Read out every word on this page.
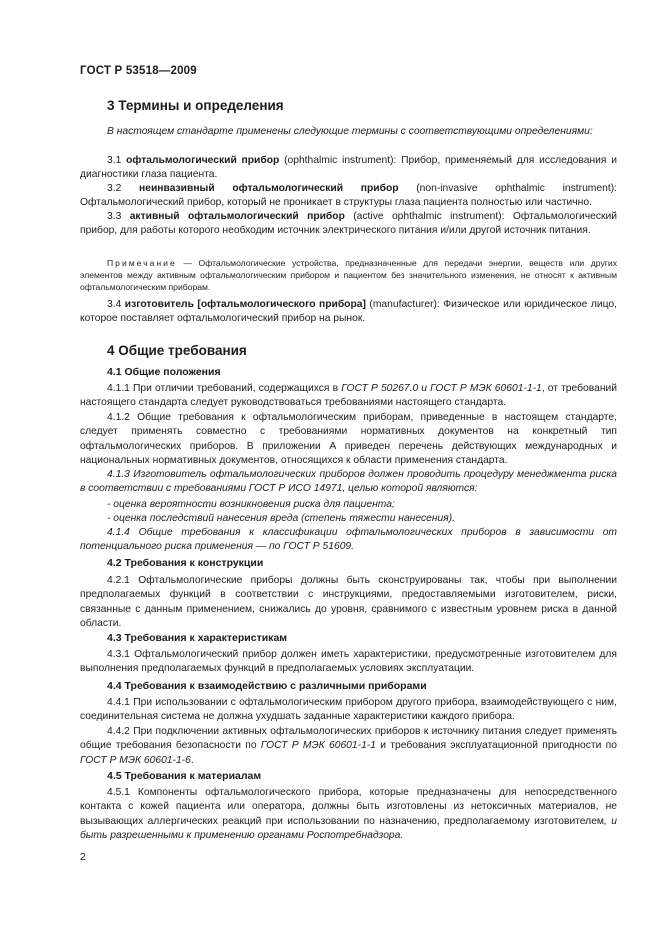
ГОСТ Р 53518—2009
3 Термины и определения
В настоящем стандарте применены следующие термины с соответствующими определениями:
3.1 офтальмологический прибор (ophthalmic instrument): Прибор, применяемый для исследования и диагностики глаза пациента.
3.2 неинвазивный офтальмологический прибор (non-invasive ophthalmic instrument): Офтальмологический прибор, который не проникает в структуры глаза пациента полностью или частично.
3.3 активный офтальмологический прибор (active ophthalmic instrument): Офтальмологический прибор, для работы которого необходим источник электрического питания и/или другой источник питания.
Примечание — Офтальмологические устройства, предназначенные для передачи энергии, веществ или других элементов между активным офтальмологическим прибором и пациентом без значительного изменения, не относят к активным офтальмологическим приборам.
3.4 изготовитель [офтальмологического прибора] (manufacturer): Физическое или юридическое лицо, которое поставляет офтальмологический прибор на рынок.
4 Общие требования
4.1 Общие положения
4.1.1 При отличии требований, содержащихся в ГОСТ Р 50267.0 и ГОСТ Р МЭК 60601-1-1, от требований настоящего стандарта следует руководствоваться требованиями настоящего стандарта.
4.1.2 Общие требования к офтальмологическим приборам, приведенные в настоящем стандарте, следует применять совместно с требованиями нормативных документов на конкретный тип офтальмологических приборов. В приложении А приведен перечень действующих международных и национальных нормативных документов, относящихся к области применения стандарта.
4.1.3 Изготовитель офтальмологических приборов должен проводить процедуру менеджмента риска в соответствии с требованиями ГОСТ Р ИСО 14971, целью которой являются:
- оценка вероятности возникновения риска для пациента;
- оценка последствий нанесения вреда (степень тяжести нанесения).
4.1.4 Общие требования к классификации офтальмологических приборов в зависимости от потенциального риска применения — по ГОСТ Р 51609.
4.2 Требования к конструкции
4.2.1 Офтальмологические приборы должны быть сконструированы так, чтобы при выполнении предполагаемых функций в соответствии с инструкциями, предоставляемыми изготовителем, риски, связанные с данным применением, снижались до уровня, сравнимого с известным уровнем риска в данной области.
4.3 Требования к характеристикам
4.3.1 Офтальмологический прибор должен иметь характеристики, предусмотренные изготовителем для выполнения предполагаемых функций в предполагаемых условиях эксплуатации.
4.4 Требования к взаимодействию с различными приборами
4.4.1 При использовании с офтальмологическим прибором другого прибора, взаимодействующего с ним, соединительная система не должна ухудшать заданные характеристики каждого прибора.
4.4.2 При подключении активных офтальмологических приборов к источнику питания следует применять общие требования безопасности по ГОСТ Р МЭК 60601-1-1 и требования эксплуатационной пригодности по ГОСТ Р МЭК 60601-1-6.
4.5 Требования к материалам
4.5.1 Компоненты офтальмологического прибора, которые предназначены для непосредственного контакта с кожей пациента или оператора, должны быть изготовлены из нетоксичных материалов, не вызывающих аллергических реакций при использовании по назначению, предполагаемому изготовителем, и быть разрешенными к применению органами Роспотребнадзора.
2
